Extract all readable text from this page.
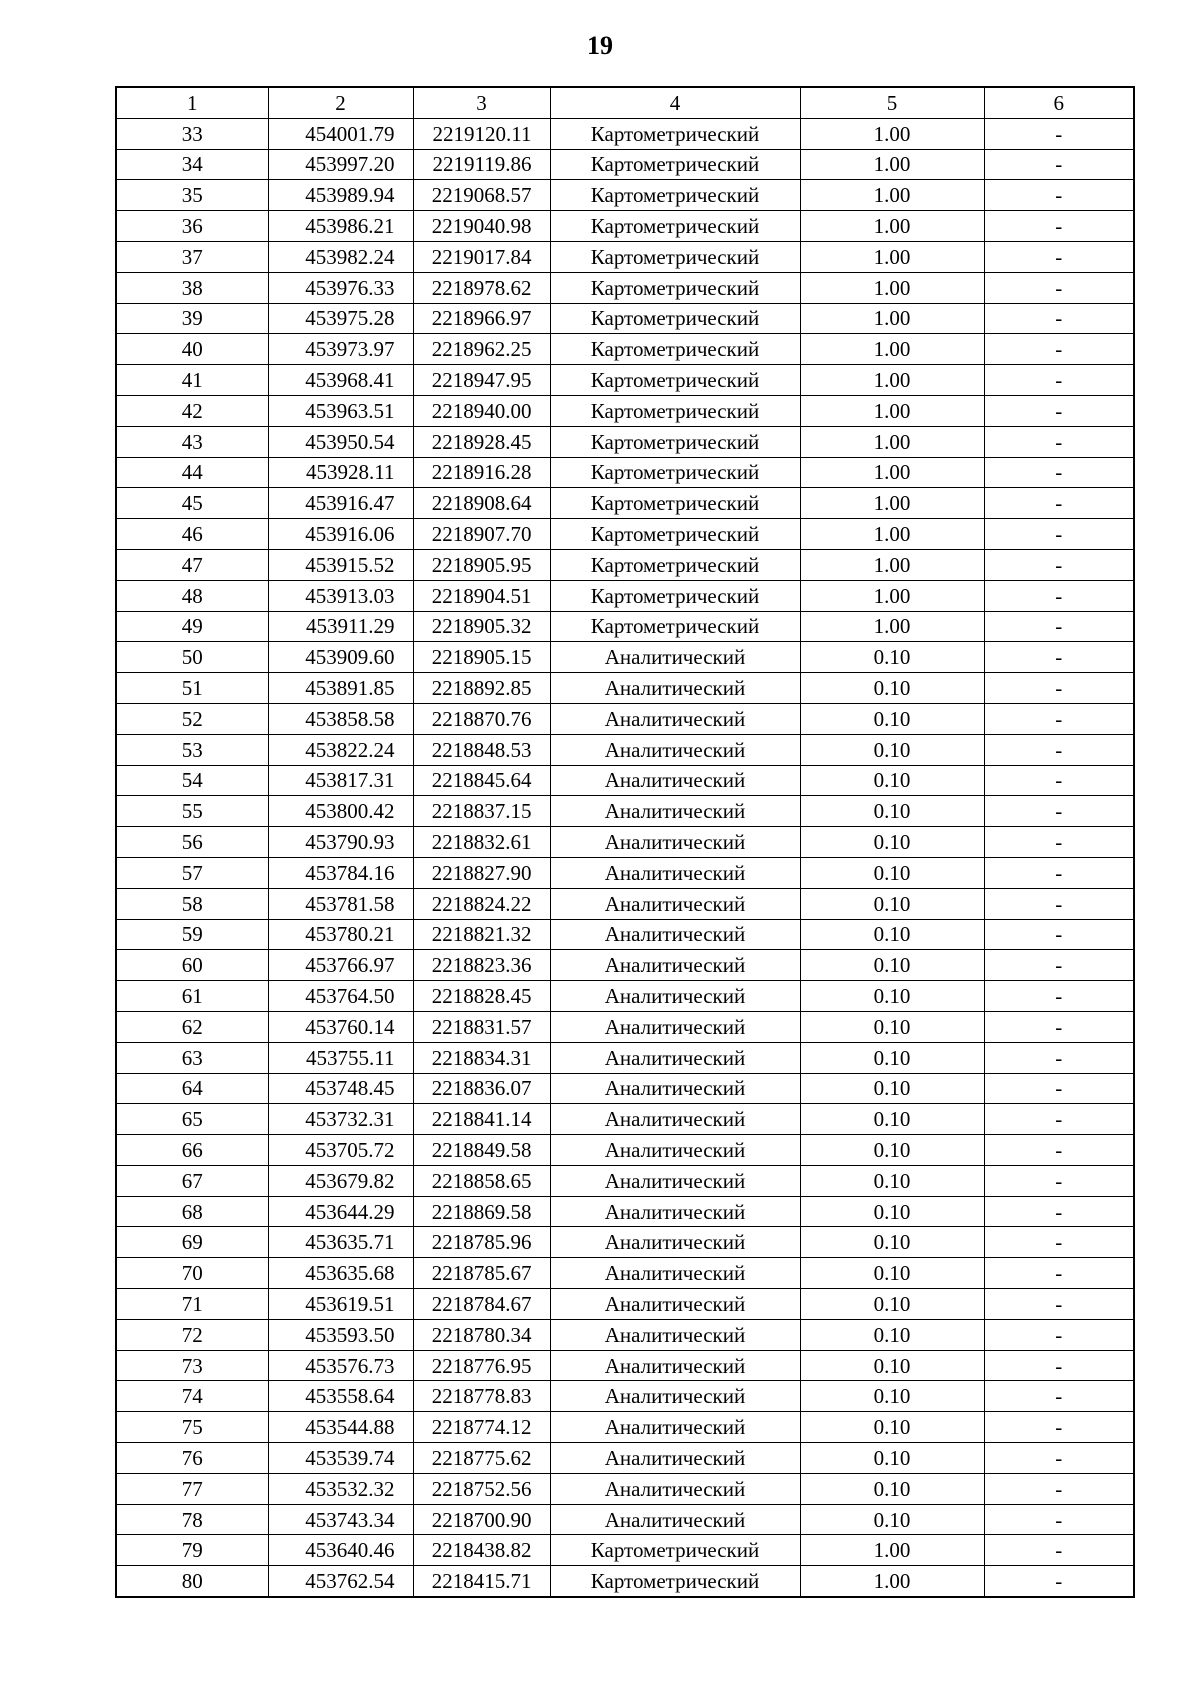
19
1	2	3	4	5	6
33	454001.79	2219120.11	Картометрический	1.00	-
34	453997.20	2219119.86	Картометрический	1.00	-
35	453989.94	2219068.57	Картометрический	1.00	-
36	453986.21	2219040.98	Картометрический	1.00	-
37	453982.24	2219017.84	Картометрический	1.00	-
38	453976.33	2218978.62	Картометрический	1.00	-
39	453975.28	2218966.97	Картометрический	1.00	-
40	453973.97	2218962.25	Картометрический	1.00	-
41	453968.41	2218947.95	Картометрический	1.00	-
42	453963.51	2218940.00	Картометрический	1.00	-
43	453950.54	2218928.45	Картометрический	1.00	-
44	453928.11	2218916.28	Картометрический	1.00	-
45	453916.47	2218908.64	Картометрический	1.00	-
46	453916.06	2218907.70	Картометрический	1.00	-
47	453915.52	2218905.95	Картометрический	1.00	-
48	453913.03	2218904.51	Картометрический	1.00	-
49	453911.29	2218905.32	Картометрический	1.00	-
50	453909.60	2218905.15	Аналитический	0.10	-
51	453891.85	2218892.85	Аналитический	0.10	-
52	453858.58	2218870.76	Аналитический	0.10	-
53	453822.24	2218848.53	Аналитический	0.10	-
54	453817.31	2218845.64	Аналитический	0.10	-
55	453800.42	2218837.15	Аналитический	0.10	-
56	453790.93	2218832.61	Аналитический	0.10	-
57	453784.16	2218827.90	Аналитический	0.10	-
58	453781.58	2218824.22	Аналитический	0.10	-
59	453780.21	2218821.32	Аналитический	0.10	-
60	453766.97	2218823.36	Аналитический	0.10	-
61	453764.50	2218828.45	Аналитический	0.10	-
62	453760.14	2218831.57	Аналитический	0.10	-
63	453755.11	2218834.31	Аналитический	0.10	-
64	453748.45	2218836.07	Аналитический	0.10	-
65	453732.31	2218841.14	Аналитический	0.10	-
66	453705.72	2218849.58	Аналитический	0.10	-
67	453679.82	2218858.65	Аналитический	0.10	-
68	453644.29	2218869.58	Аналитический	0.10	-
69	453635.71	2218785.96	Аналитический	0.10	-
70	453635.68	2218785.67	Аналитический	0.10	-
71	453619.51	2218784.67	Аналитический	0.10	-
72	453593.50	2218780.34	Аналитический	0.10	-
73	453576.73	2218776.95	Аналитический	0.10	-
74	453558.64	2218778.83	Аналитический	0.10	-
75	453544.88	2218774.12	Аналитический	0.10	-
76	453539.74	2218775.62	Аналитический	0.10	-
77	453532.32	2218752.56	Аналитический	0.10	-
78	453743.34	2218700.90	Аналитический	0.10	-
79	453640.46	2218438.82	Картометрический	1.00	-
80	453762.54	2218415.71	Картометрический	1.00	-
